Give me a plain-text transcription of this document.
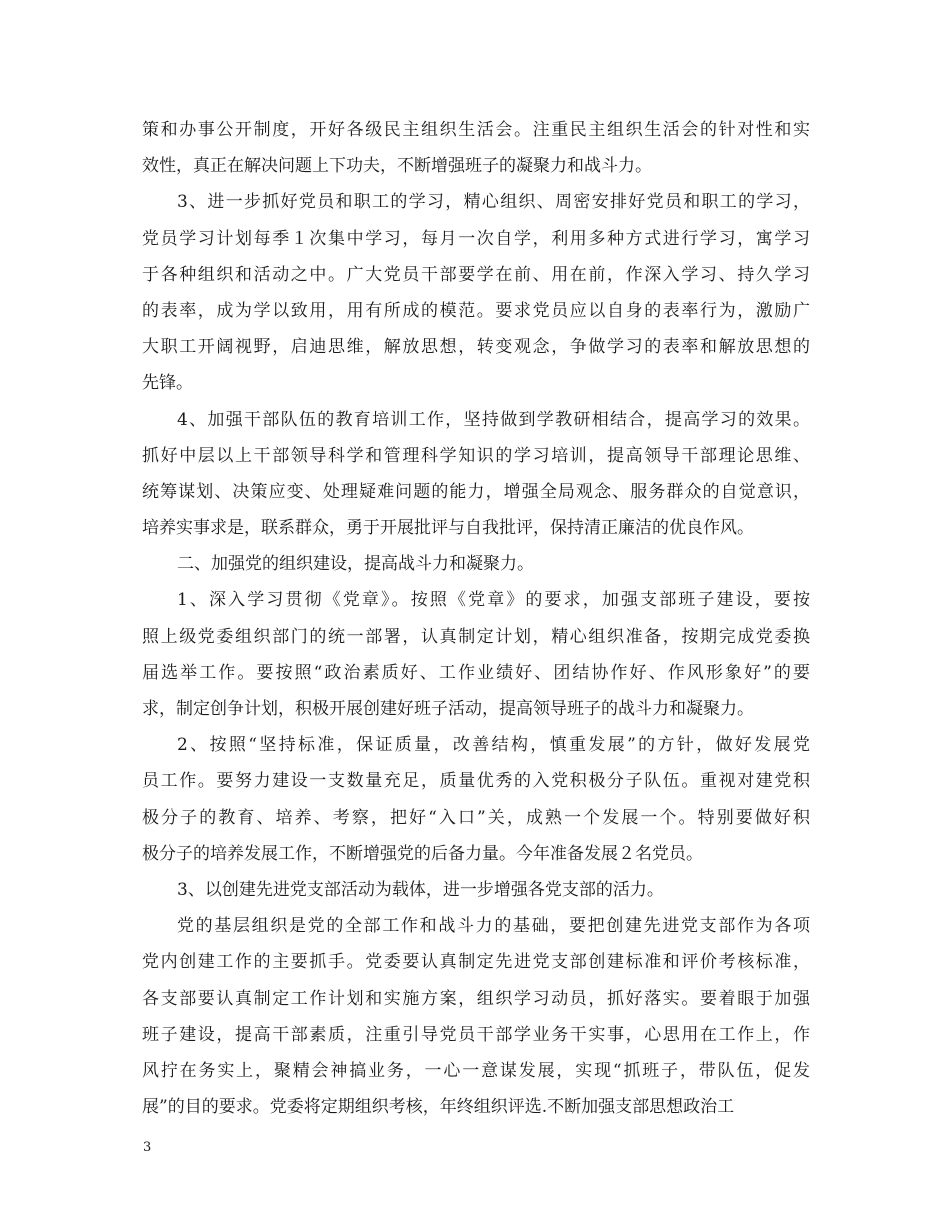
策和办事公开制度，开好各级民主组织生活会。注重民主组织生活会的针对性和实
效性，真正在解决问题上下功夫，不断增强班子的凝聚力和战斗力。
3、进一步抓好党员和职工的学习，精心组织、周密安排好党员和职工的学习，
党员学习计划每季１次集中学习，每月一次自学，利用多种方式进行学习，寓学习
于各种组织和活动之中。广大党员干部要学在前、用在前，作深入学习、持久学习
的表率，成为学以致用，用有所成的模范。要求党员应以自身的表率行为，激励广
大职工开阔视野，启迪思维，解放思想，转变观念，争做学习的表率和解放思想的
先锋。
4、加强干部队伍的教育培训工作，坚持做到学教研相结合，提高学习的效果。
抓好中层以上干部领导科学和管理科学知识的学习培训，提高领导干部理论思维、
统筹谋划、决策应变、处理疑难问题的能力，增强全局观念、服务群众的自觉意识，
培养实事求是，联系群众，勇于开展批评与自我批评，保持清正廉洁的优良作风。
二、加强党的组织建设，提高战斗力和凝聚力。
1、深入学习贯彻《党章》。按照《党章》的要求，加强支部班子建设，要按
照上级党委组织部门的统一部署，认真制定计划，精心组织准备，按期完成党委换
届选举工作。要按照“政治素质好、工作业绩好、团结协作好、作风形象好”的要
求，制定创争计划，积极开展创建好班子活动，提高领导班子的战斗力和凝聚力。
2、按照“坚持标准，保证质量，改善结构，慎重发展”的方针，做好发展党
员工作。要努力建设一支数量充足，质量优秀的入党积极分子队伍。重视对建党积
极分子的教育、培养、考察，把好“入口”关，成熟一个发展一个。特别要做好积
极分子的培养发展工作，不断增强党的后备力量。今年准备发展２名党员。
3、以创建先进党支部活动为载体，进一步增强各党支部的活力。
党的基层组织是党的全部工作和战斗力的基础，要把创建先进党支部作为各项
党内创建工作的主要抓手。党委要认真制定先进党支部创建标准和评价考核标准，
各支部要认真制定工作计划和实施方案，组织学习动员，抓好落实。要着眼于加强
班子建设，提高干部素质，注重引导党员干部学业务干实事，心思用在工作上，作
风拧在务实上，聚精会神搞业务，一心一意谋发展，实现“抓班子，带队伍，促发
展”的目的要求。党委将定期组织考核，年终组织评选.不断加强支部思想政治工
3
